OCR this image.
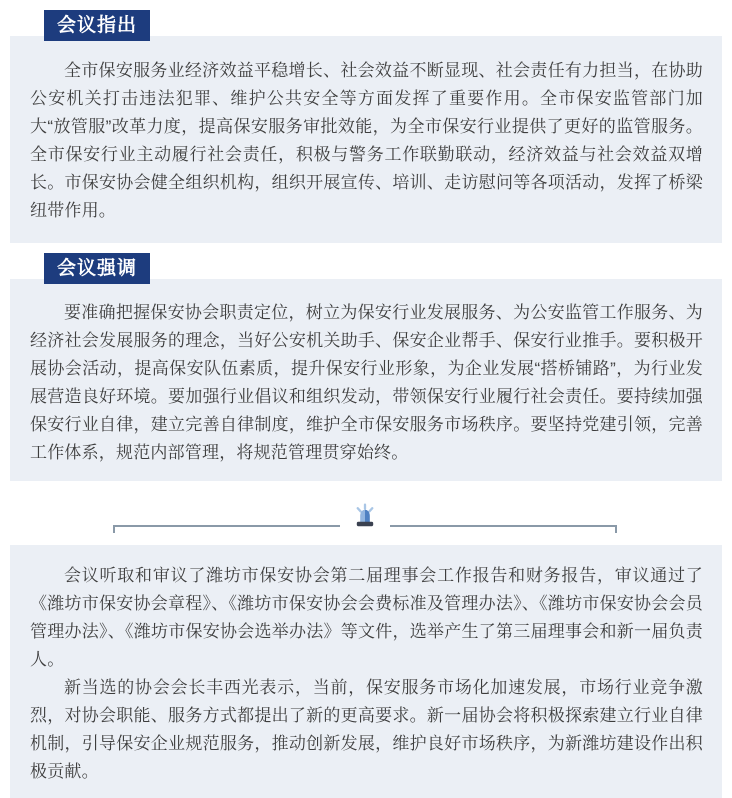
会议指出

全市保安服务业经济效益平稳增长、社会效益不断显现、社会责任有力担当，在协助公安机关打击违法犯罪、维护公共安全等方面发挥了重要作用。全市保安监管部门加大“放管服”改革力度，提高保安服务审批效能，为全市保安行业提供了更好的监管服务。全市保安行业主动履行社会责任，积极与警务工作联勤联动，经济效益与社会效益双增长。市保安协会健全组织机构，组织开展宣传、培训、走访慰问等各项活动，发挥了桥梁纽带作用。

会议强调

要准确把握保安协会职责定位，树立为保安行业发展服务、为公安监管工作服务、为经济社会发展服务的理念，当好公安机关助手、保安企业帮手、保安行业推手。要积极开展协会活动，提高保安队伍素质，提升保安行业形象，为企业发展“搭桥铺路”，为行业发展营造良好环境。要加强行业倡议和组织发动，带领保安行业履行社会责任。要持续加强保安行业自律，建立完善自律制度，维护全市保安服务市场秩序。要坚持党建引领，完善工作体系，规范内部管理，将规范管理贯穿始终。

会议听取和审议了潍坊市保安协会第二届理事会工作报告和财务报告，审议通过了《潍坊市保安协会章程》、《潍坊市保安协会会费标准及管理办法》、《潍坊市保安协会会员管理办法》、《潍坊市保安协会选举办法》等文件，选举产生了第三届理事会和新一届负责人。

新当选的协会会长丰西光表示，当前，保安服务市场化加速发展，市场行业竞争激烈，对协会职能、服务方式都提出了新的更高要求。新一届协会将积极探索建立行业自律机制，引导保安企业规范服务，推动创新发展，维护良好市场秩序，为新潍坊建设作出积极贡献。
